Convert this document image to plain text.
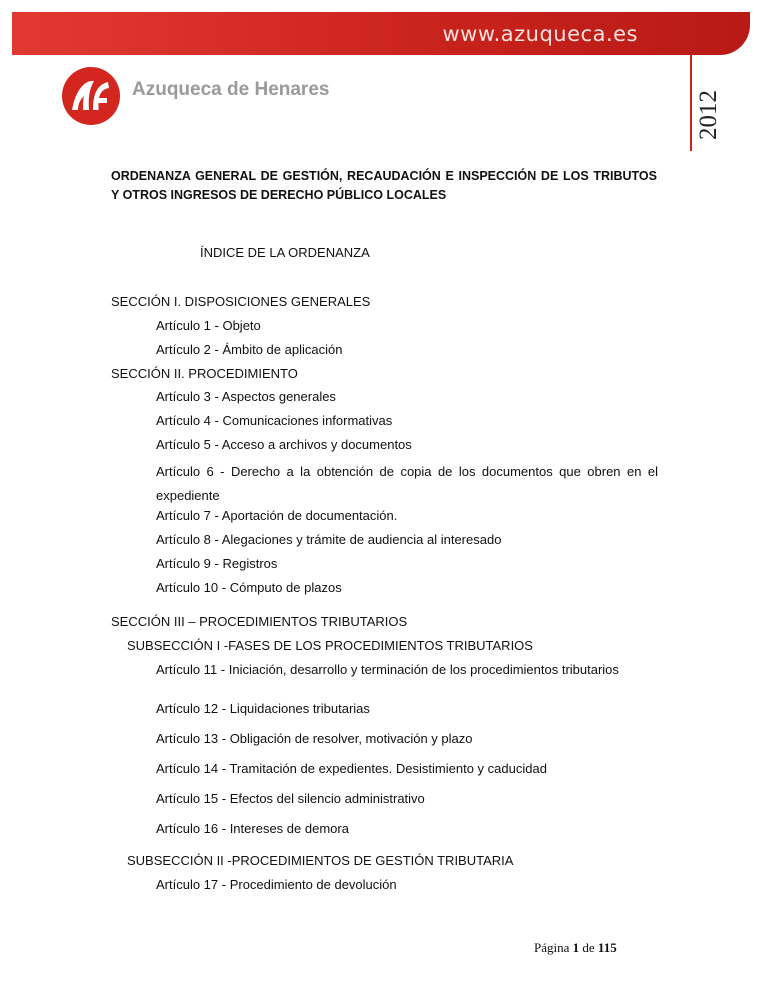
www.azuqueca.es
2012
Azuqueca de Henares
ORDENANZA GENERAL DE GESTIÓN, RECAUDACIÓN E INSPECCIÓN DE LOS TRIBUTOS Y OTROS INGRESOS DE DERECHO PÚBLICO LOCALES
ÍNDICE DE LA ORDENANZA
SECCIÓN I. DISPOSICIONES GENERALES
Artículo 1 - Objeto
Artículo 2 - Ámbito de aplicación
SECCIÓN II. PROCEDIMIENTO
Artículo 3 - Aspectos generales
Artículo 4 - Comunicaciones informativas
Artículo 5 - Acceso a archivos y documentos
Artículo 6 - Derecho a la obtención de copia de los documentos que obren en el expediente
Artículo 7 - Aportación de documentación.
Artículo 8 - Alegaciones y trámite de audiencia al interesado
Artículo 9 - Registros
Artículo 10 - Cómputo de plazos
SECCIÓN III – PROCEDIMIENTOS TRIBUTARIOS
SUBSECCIÓN I -FASES DE LOS PROCEDIMIENTOS TRIBUTARIOS
Artículo 11 - Iniciación, desarrollo y terminación de los procedimientos tributarios
Artículo 12 - Liquidaciones tributarias
Artículo 13 - Obligación de resolver, motivación y plazo
Artículo 14 - Tramitación de expedientes. Desistimiento y caducidad
Artículo 15 - Efectos del silencio administrativo
Artículo 16 - Intereses de demora
SUBSECCIÓN II -PROCEDIMIENTOS DE GESTIÓN TRIBUTARIA
Artículo 17 - Procedimiento de devolución
Página 1 de 115
